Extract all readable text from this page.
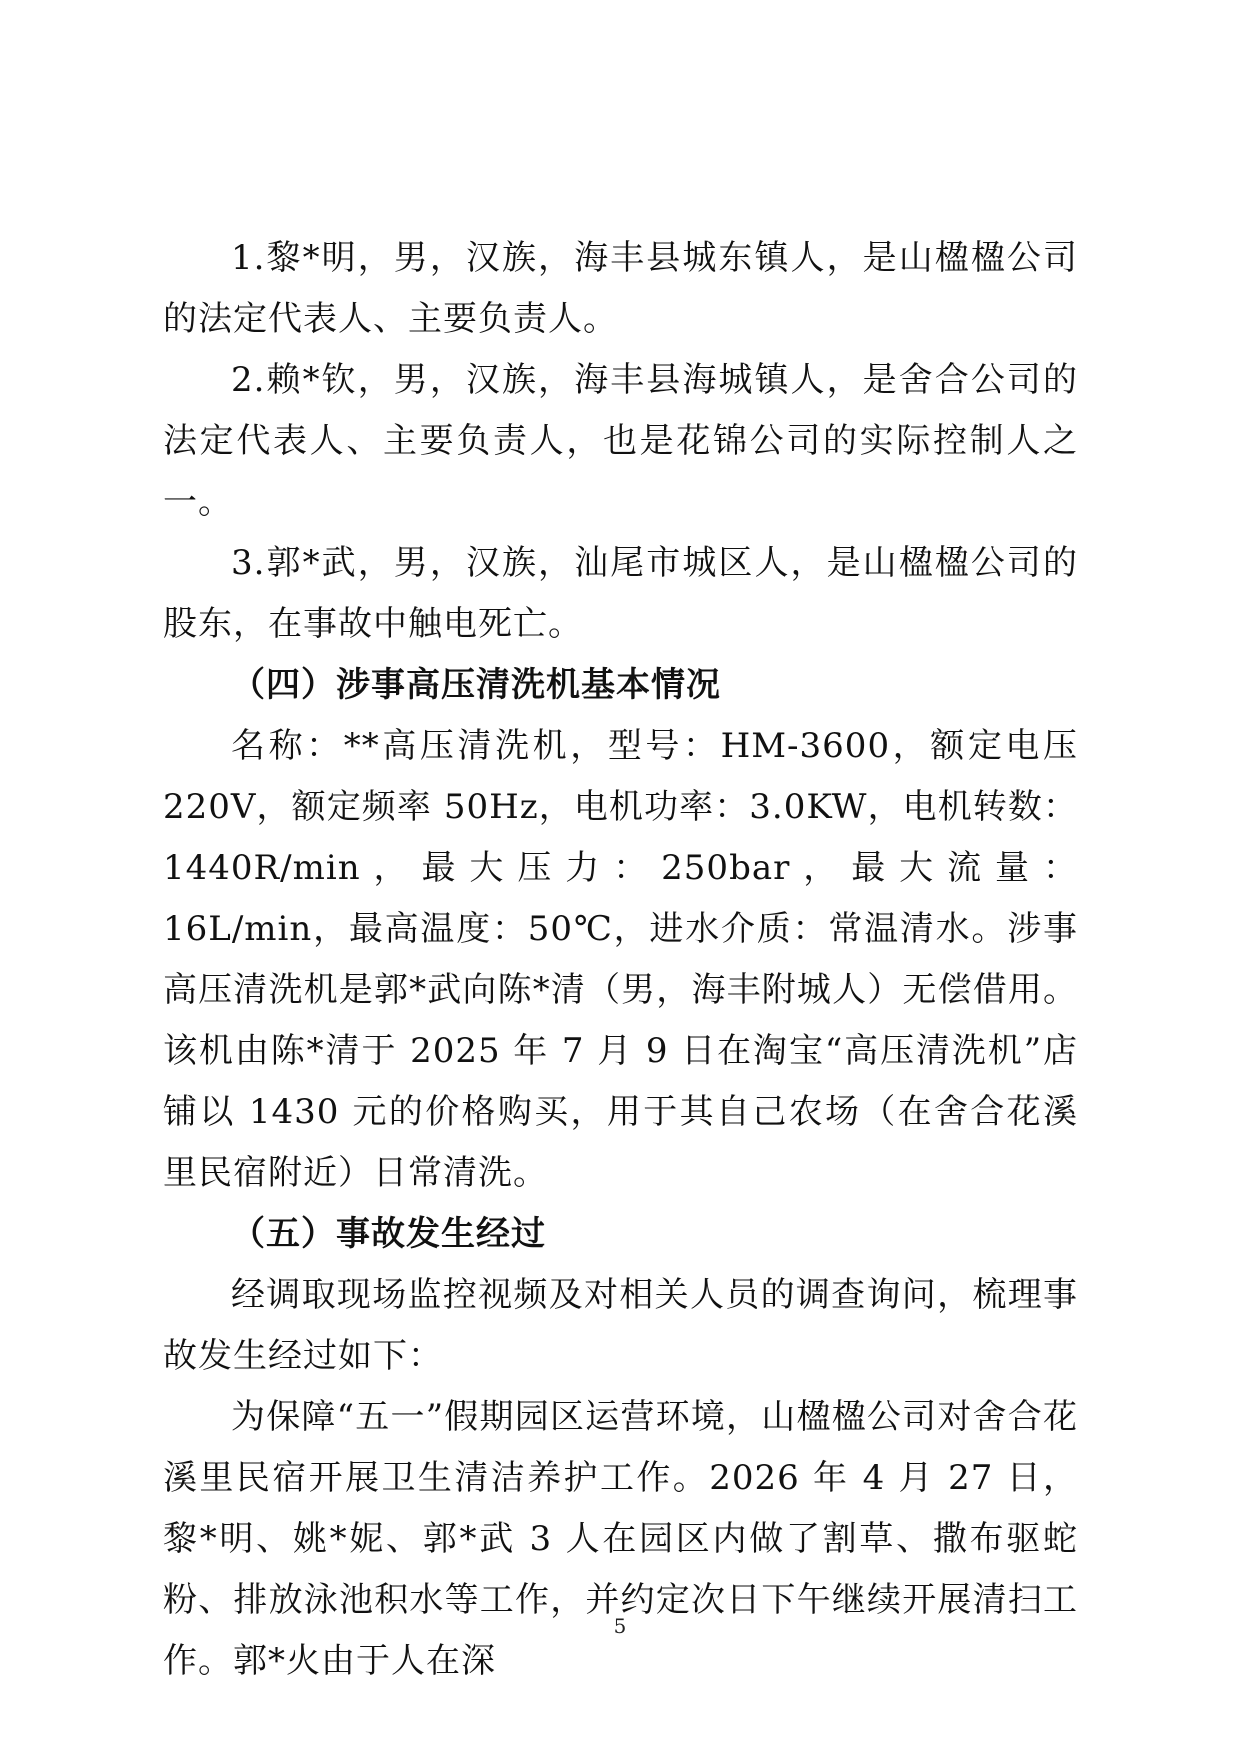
1.黎*明，男，汉族，海丰县城东镇人，是山楹楹公司的法定代表人、主要负责人。

2.赖*钦，男，汉族，海丰县海城镇人，是舍合公司的法定代表人、主要负责人，也是花锦公司的实际控制人之一。

3.郭*武，男，汉族，汕尾市城区人，是山楹楹公司的股东，在事故中触电死亡。

（四）涉事高压清洗机基本情况

名称：**高压清洗机，型号：HM-3600，额定电压 220V，额定频率 50Hz，电机功率：3.0KW，电机转数：1440R/min，最大压力：250bar，最大流量：16L/min，最高温度：50℃，进水介质：常温清水。涉事高压清洗机是郭*武向陈*清（男，海丰附城人）无偿借用。该机由陈*清于 2025 年 7 月 9 日在淘宝“高压清洗机”店铺以 1430 元的价格购买，用于其自己农场（在舍合花溪里民宿附近）日常清洗。

（五）事故发生经过

经调取现场监控视频及对相关人员的调查询问，梳理事故发生经过如下：

为保障“五一”假期园区运营环境，山楹楹公司对舍合花溪里民宿开展卫生清洁养护工作。2026 年 4 月 27 日，黎*明、姚*妮、郭*武 3 人在园区内做了割草、撒布驱蛇粉、排放泳池积水等工作，并约定次日下午继续开展清扫工作。郭*火由于人在深

5
